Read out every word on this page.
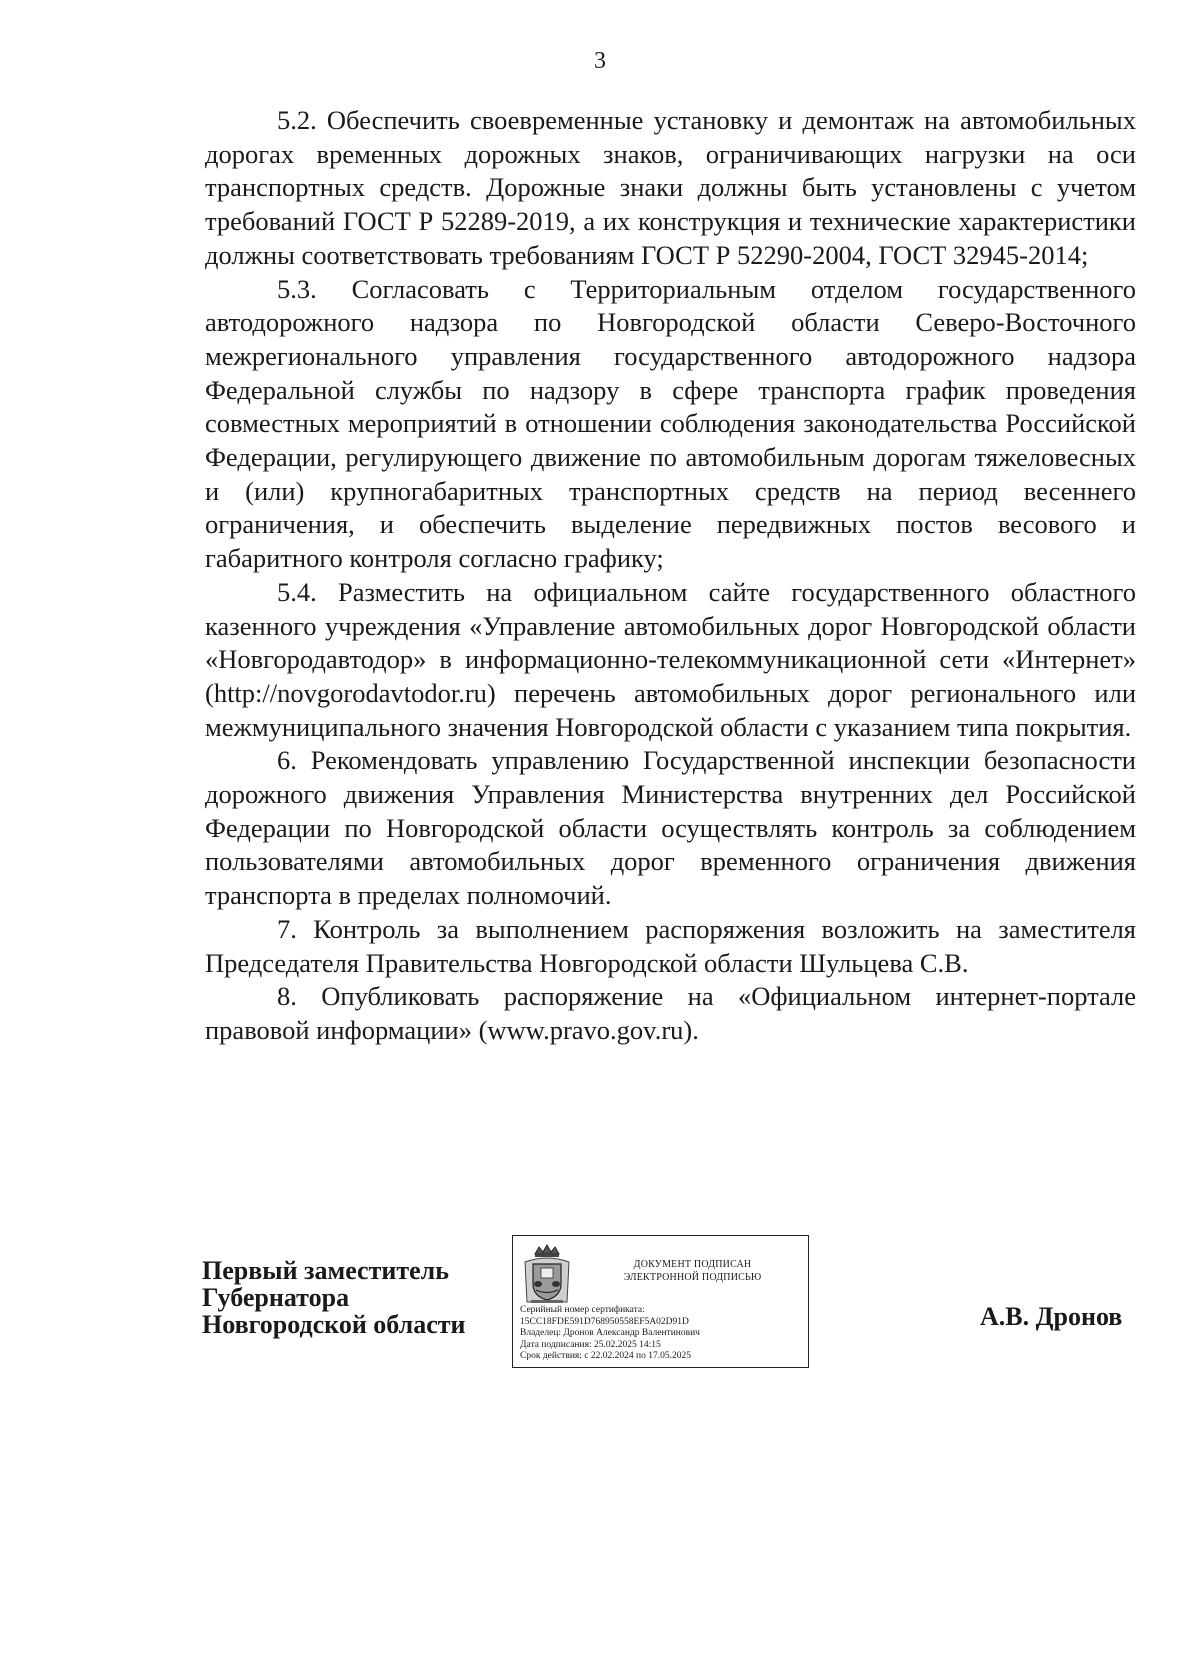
3

5.2. Обеспечить своевременные установку и демонтаж на автомобильных дорогах временных дорожных знаков, ограничивающих нагрузки на оси транспортных средств. Дорожные знаки должны быть установлены с учетом требований ГОСТ Р 52289-2019, а их конструкция и технические характеристики должны соответствовать требованиям ГОСТ Р 52290-2004, ГОСТ 32945-2014;

5.3. Согласовать с Территориальным отделом государственного автодорожного надзора по Новгородской области Северо-Восточного межрегионального управления государственного автодорожного надзора Федеральной службы по надзору в сфере транспорта график проведения совместных мероприятий в отношении соблюдения законодательства Российской Федерации, регулирующего движение по автомобильным дорогам тяжеловесных и (или) крупногабаритных транспортных средств на период весеннего ограничения, и обеспечить выделение передвижных постов весового и габаритного контроля согласно графику;

5.4. Разместить на официальном сайте государственного областного казенного учреждения «Управление автомобильных дорог Новгородской области «Новгородавтодор» в информационно-телекоммуникационной сети «Интернет» (http://novgorodavtodor.ru) перечень автомобильных дорог регионального или межмуниципального значения Новгородской области с указанием типа покрытия.

6. Рекомендовать управлению Государственной инспекции безопасности дорожного движения Управления Министерства внутренних дел Российской Федерации по Новгородской области осуществлять контроль за соблюдением пользователями автомобильных дорог временного ограничения движения транспорта в пределах полномочий.

7. Контроль за выполнением распоряжения возложить на заместителя Председателя Правительства Новгородской области Шульцева С.В.

8. Опубликовать распоряжение на «Официальном интернет-портале правовой информации» (www.pravo.gov.ru).

Первый заместитель
Губернатора
Новгородской области
ДОКУМЕНТ ПОДПИСАН
ЭЛЕКТРОННОЙ ПОДПИСЬЮ
Серийный номер сертификата:
15CC18FDE591D768950558EF5A02D91D
Владелец: Дронов Александр Валентинович
Дата подписания: 25.02.2025 14:15
Срок действия: с 22.02.2024 по 17.05.2025

А.В. Дронов
